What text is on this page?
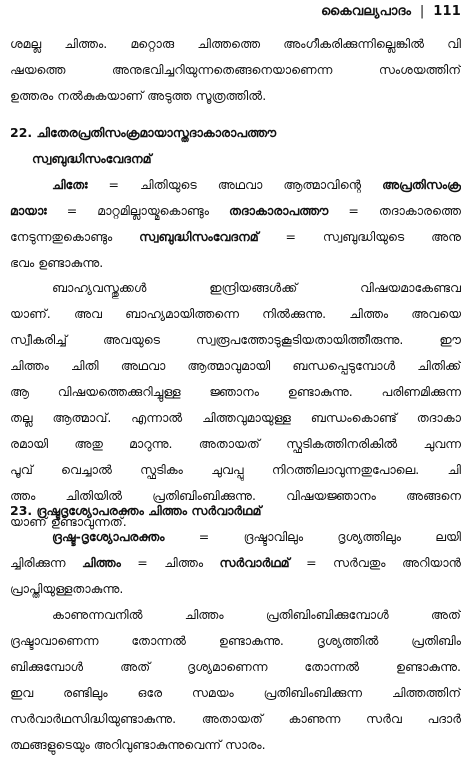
കൈവല്യപാദം | 111
ശമല്ല ചിത്തം. മറ്റൊരു ചിത്തത്തെ അംഗീകരിക്കുന്നില്ലെങ്കിൽ വി
ഷയത്തെ അനുഭവിച്ചറിയുന്നതെങ്ങനെയാണെന്ന സംശയത്തിന്
ഉത്തരം നൽകുകയാണ് അടുത്ത സൂത്രത്തിൽ.
22. ചിതേരപ്രതിസംക്രമായാസ്തദാകാരാപത്തൗ
സ്വബുദ്ധിസംവേദനമ്
ചിതേഃ = ചിതിയുടെ അഥവാ ആത്മാവിന്റെ അപ്രതിസംക്ര
മായാഃ = മാറ്റമില്ലായ്മകൊണ്ടും തദാകാരാപത്തൗ = തദാകാരത്തെ
നേടുന്നതുകൊണ്ടും സ്വബുദ്ധിസംവേദനമ് = സ്വബുദ്ധിയുടെ അനു
ഭവം ഉണ്ടാകുന്നു.
ബാഹ്യവസ്തുക്കൾ ഇന്ദ്രിയങ്ങൾക്ക് വിഷയമാകേണ്ടവ
യാണ്. അവ ബാഹ്യമായിത്തന്നെ നിൽക്കുന്നു. ചിത്തം അവയെ
സ്വീകരിച്ച് അവയുടെ സ്വരൂപത്തോടുകൂടിയതായിത്തീരുന്നു. ഈ
ചിത്തം ചിതി അഥവാ ആത്മാവുമായി ബന്ധപ്പെടുമ്പോൾ ചിതിക്ക്
ആ വിഷയത്തെക്കുറിച്ചുള്ള ജ്ഞാനം ഉണ്ടാകുന്നു. പരിണമിക്കുന്ന
തല്ല ആത്മാവ്. എന്നാൽ ചിത്തവുമായുള്ള ബന്ധംകൊണ്ട് തദാകാ
രമായി അതു മാറുന്നു. അതായത് സ്ഫടികത്തിനരികിൽ ചുവന്ന
പൂവ് വെച്ചാൽ സ്ഫടികം ചുവപ്പു നിറത്തിലാവുന്നതുപോലെ. ചി
ത്തം ചിതിയിൽ പ്രതിബിംബിക്കുന്നു. വിഷയജ്ഞാനം അങ്ങനെ
യാണ് ഉണ്ടാവുന്നത്.
23. ദ്രഷ്ടൃദൃശ്യോപരക്തം ചിത്തം സർവാർഥമ്
ദ്രഷ്ടൃ-ദൃശ്യോപരക്തം = ദ്രഷ്ടാവിലും ദൃശ്യത്തിലും ലയി
ച്ചിരിക്കുന്ന ചിത്തം = ചിത്തം സർവാർഥമ് = സർവതും അറിയാൻ
പ്രാപ്തിയുള്ളതാകുന്നു.
കാണുന്നവനിൽ ചിത്തം പ്രതിബിംബിക്കുമ്പോൾ അത്
ദ്രഷ്ടാവാണെന്ന തോന്നൽ ഉണ്ടാകുന്നു. ദൃശ്യത്തിൽ പ്രതിബിം
ബിക്കുമ്പോൾ അത് ദൃശ്യമാണെന്ന തോന്നൽ ഉണ്ടാകുന്നു.
ഇവ രണ്ടിലും ഒരേ സമയം പ്രതിബിംബിക്കുന്ന ചിത്തത്തിന്
സർവാർഥസിദ്ധിയുണ്ടാകുന്നു. അതായത് കാണുന്ന സർവ പദാർ
ത്ഥങ്ങളുടെയും അറിവുണ്ടാകുന്നുവെന്ന് സാരം.
